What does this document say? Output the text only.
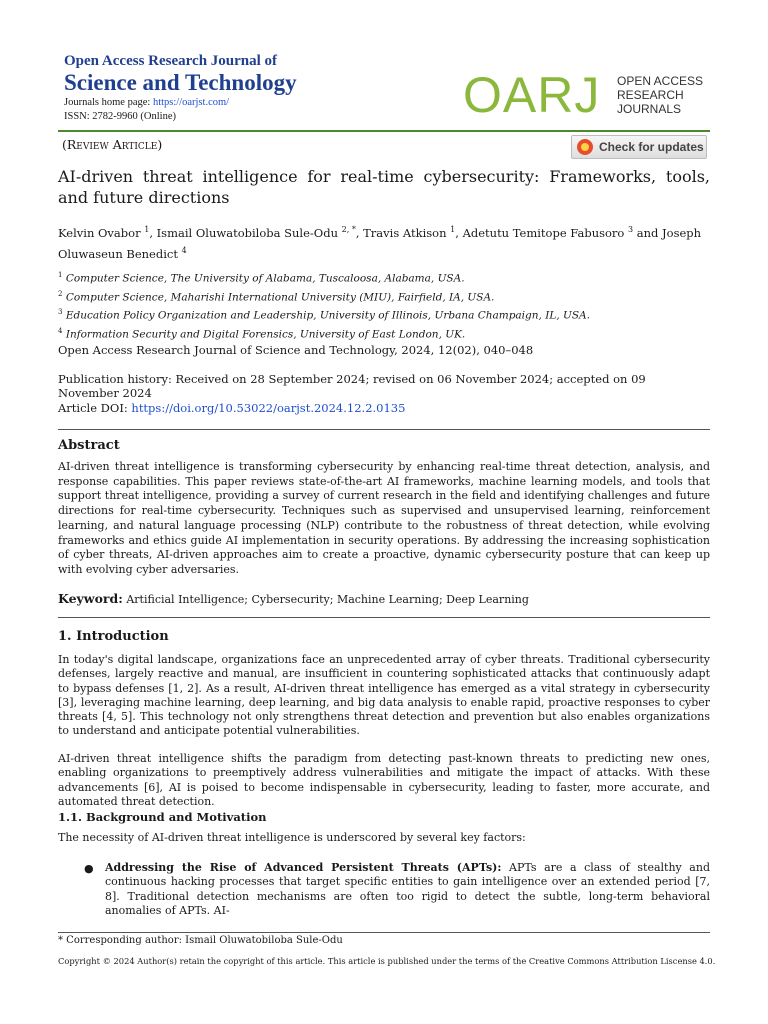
Open Access Research Journal of
Science and Technology
Journals home page: https://oarjst.com/
ISSN: 2782-9960 (Online)	OARJ OPEN ACCESS
RESEARCH
JOURNALS
(Review Article)	Check for updates
AI-driven threat intelligence for real-time cybersecurity: Frameworks, tools, and future directions
Kelvin Ovabor $^1$, Ismail Oluwatobiloba Sule-Odu $^{2, *}$, Travis Atkison $^1$, Adetutu Temitope Fabusoro $^3$ and Joseph Oluwaseun Benedict $^4$
$^1$ Computer Science, The University of Alabama, Tuscaloosa, Alabama, USA.
$^2$ Computer Science, Maharishi International University (MIU), Fairfield, IA, USA.
$^3$ Education Policy Organization and Leadership, University of Illinois, Urbana Champaign, IL, USA.
$^4$ Information Security and Digital Forensics, University of East London, UK.
Open Access Research Journal of Science and Technology, 2024, 12(02), 040–048
Publication history: Received on 28 September 2024; revised on 06 November 2024; accepted on 09 November 2024
Article DOI: https://doi.org/10.53022/oarjst.2024.12.2.0135
Abstract
AI-driven threat intelligence is transforming cybersecurity by enhancing real-time threat detection, analysis, and response capabilities. This paper reviews state-of-the-art AI frameworks, machine learning models, and tools that support threat intelligence, providing a survey of current research in the field and identifying challenges and future directions for real-time cybersecurity. Techniques such as supervised and unsupervised learning, reinforcement learning, and natural language processing (NLP) contribute to the robustness of threat detection, while evolving frameworks and ethics guide AI implementation in security operations. By addressing the increasing sophistication of cyber threats, AI-driven approaches aim to create a proactive, dynamic cybersecurity posture that can keep up with evolving cyber adversaries.
Keyword: Artificial Intelligence; Cybersecurity; Machine Learning; Deep Learning
1. Introduction
In today's digital landscape, organizations face an unprecedented array of cyber threats. Traditional cybersecurity defenses, largely reactive and manual, are insufficient in countering sophisticated attacks that continuously adapt to bypass defenses [1, 2]. As a result, AI-driven threat intelligence has emerged as a vital strategy in cybersecurity [3], leveraging machine learning, deep learning, and big data analysis to enable rapid, proactive responses to cyber threats [4, 5]. This technology not only strengthens threat detection and prevention but also enables organizations to understand and anticipate potential vulnerabilities.
AI-driven threat intelligence shifts the paradigm from detecting past-known threats to predicting new ones, enabling organizations to preemptively address vulnerabilities and mitigate the impact of attacks. With these advancements [6], AI is poised to become indispensable in cybersecurity, leading to faster, more accurate, and automated threat detection.
1.1. Background and Motivation
The necessity of AI-driven threat intelligence is underscored by several key factors:
● Addressing the Rise of Advanced Persistent Threats (APTs): APTs are a class of stealthy and continuous hacking processes that target specific entities to gain intelligence over an extended period [7, 8]. Traditional detection mechanisms are often too rigid to detect the subtle, long-term behavioral anomalies of APTs. AI-
* Corresponding author: Ismail Oluwatobiloba Sule-Odu
Copyright © 2024 Author(s) retain the copyright of this article. This article is published under the terms of the Creative Commons Attribution Liscense 4.0.
